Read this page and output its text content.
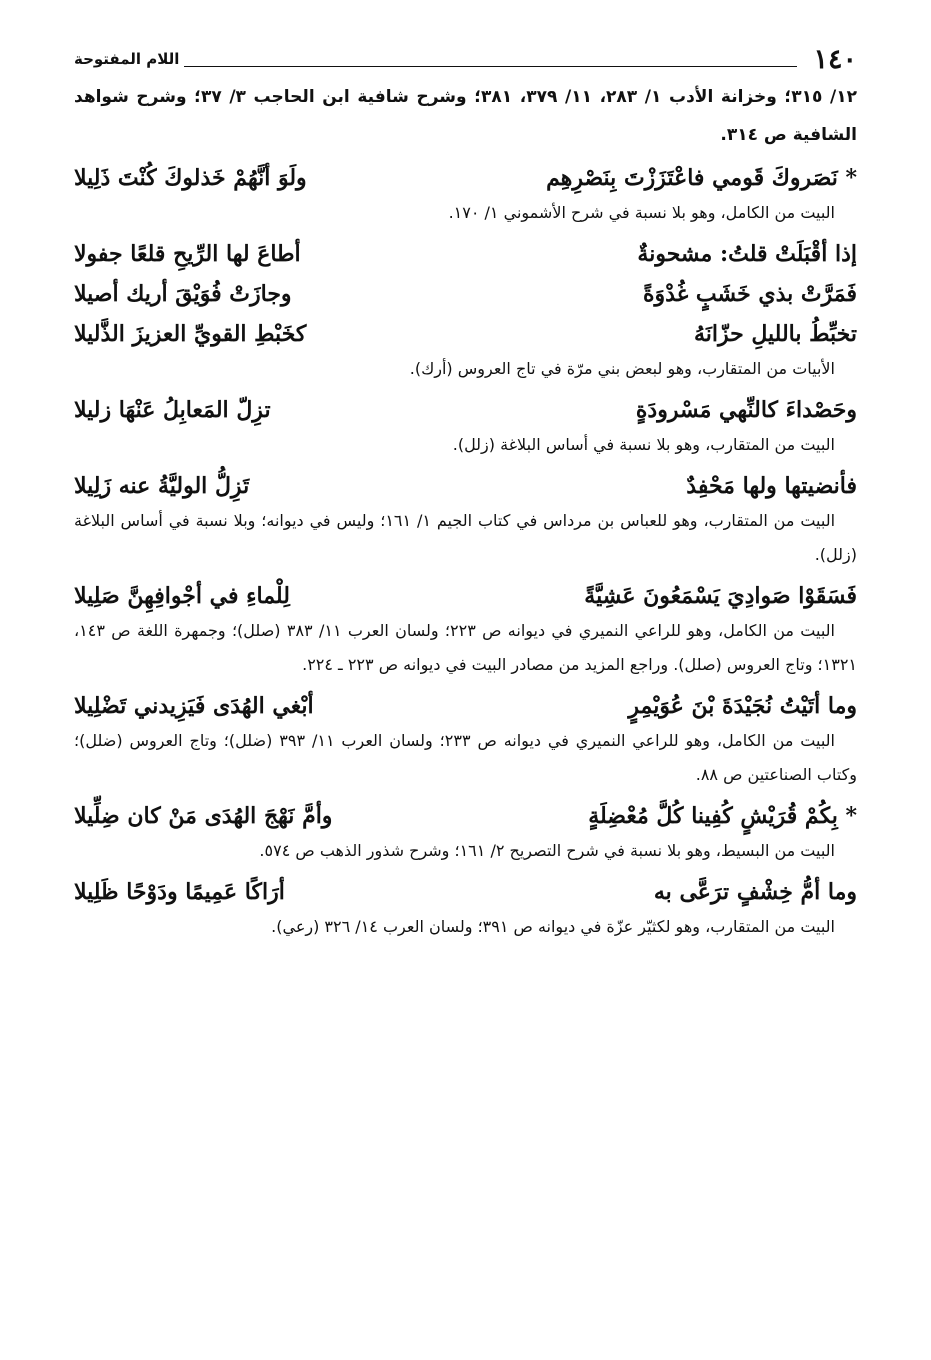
١٤٠
اللام المفتوحة

١٢/ ٣١٥؛ وخزانة الأدب ١/ ٢٨٣، ١١/ ٣٧٩، ٣٨١؛ وشرح شافية ابن الحاجب ٣/ ٣٧؛ وشرح شواهد الشافية ص ٣١٤.

* نَصَروكَ قَومي فاعْتَزَزْتَ بِنَصْرِهِم
ولَوَ أنَّهُمْ خَذلوكَ كُنْتَ ذَلِيلا

البيت من الكامل، وهو بلا نسبة في شرح الأشموني ١/ ١٧٠.

إذا أقْبَلَتْ قلتُ: مشحونةٌ
أطاعَ لها الرِّيحِ قلعًا جفولا
فَمَرَّتْ بذي خَشَبٍ غُدْوَةً
وجازَتْ فُوَيْقَ أريك أصيلا
تخبِّطُ بالليلِ حزّانَهُ
كخَبْطِ القويِّ العزيزَ الذَّليلا

الأبيات من المتقارب، وهو لبعض بني مرّة في تاج العروس (أرك).

وحَصْداءَ كالنِّهي مَسْرودَةٍ
تزِلّ المَعابِلُ عَنْهَا زليلا

البيت من المتقارب، وهو بلا نسبة في أساس البلاغة (زلل).

فأنضيتها ولها مَحْفِدٌ
تَزِلُّ الوليَّةُ عنه زَلِيلا

البيت من المتقارب، وهو للعباس بن مرداس في كتاب الجيم ١/ ١٦١؛ وليس في ديوانه؛ وبلا نسبة في أساس البلاغة (زلل).

فَسَقَوْا صَوادِيَ يَسْمَعُونَ عَشِيَّةً
لِلْماءِ في أجْوافِهِنَّ صَلِيلا

البيت من الكامل، وهو للراعي النميري في ديوانه ص ٢٢٣؛ ولسان العرب ١١/ ٣٨٣ (صلل)؛ وجمهرة اللغة ص ١٤٣، ١٣٢١؛ وتاج العروس (صلل). وراجع المزيد من مصادر البيت في ديوانه ص ٢٢٣ ـ ٢٢٤.

وما أتَيْتُ نُجَيْدَةَ بْنَ عُوَيْمِرٍ
أبْغي الهُدَى فَيَزِيدني تَضْلِيلا

البيت من الكامل، وهو للراعي النميري في ديوانه ص ٢٣٣؛ ولسان العرب ١١/ ٣٩٣ (ضلل)؛ وتاج العروس (ضلل)؛ وكتاب الصناعتين ص ٨٨.

* بِكُمْ قُرَيْشٍ كُفِينا كُلَّ مُعْضِلَةٍ
وأمَّ نَهْجَ الهُدَى مَنْ كان ضِلِّيلا

البيت من البسيط، وهو بلا نسبة في شرح التصريح ٢/ ١٦١؛ وشرح شذور الذهب ص ٥٧٤.

وما أمُّ خِشْفٍ ترَعَّى به
أرَاكًا عَمِيمًا ودَوْحًا ظَلِيلا

البيت من المتقارب، وهو لكثيّر عزّة في ديوانه ص ٣٩١؛ ولسان العرب ١٤/ ٣٢٦ (رعي).
